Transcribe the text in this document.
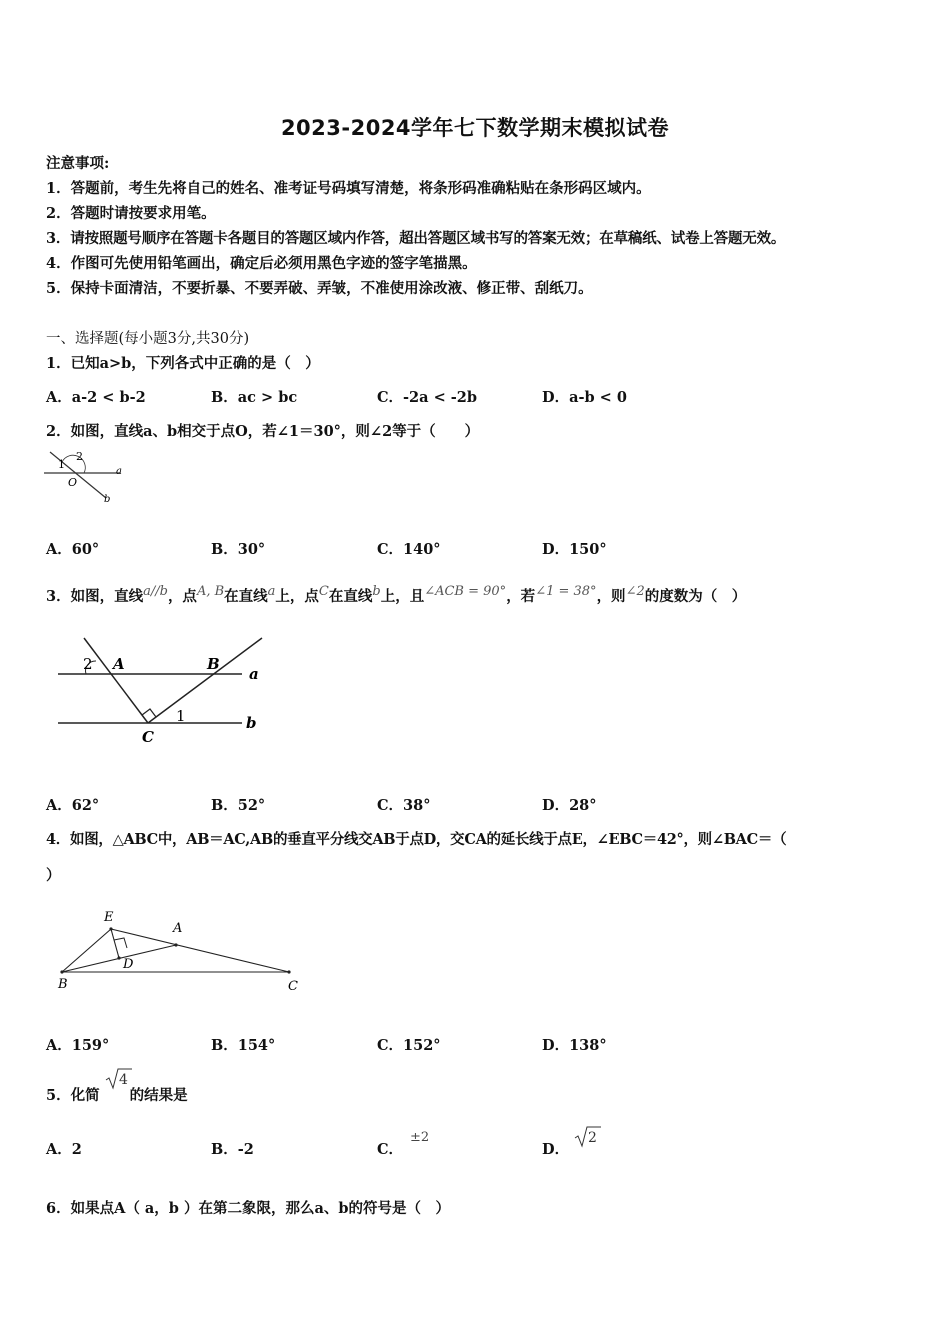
2023-2024学年七下数学期末模拟试卷
注意事项:
1．答题前，考生先将自己的姓名、准考证号码填写清楚，将条形码准确粘贴在条形码区域内。
2．答题时请按要求用笔。
3．请按照题号顺序在答题卡各题目的答题区域内作答，超出答题区域书写的答案无效；在草稿纸、试卷上答题无效。
4．作图可先使用铅笔画出，确定后必须用黑色字迹的签字笔描黑。
5．保持卡面清洁，不要折暴、不要弄破、弄皱，不准使用涂改液、修正带、刮纸刀。
一、选择题(每小题3分,共30分)
1．已知a>b，下列各式中正确的是（　）
A．a-2 < b-2	B．ac > bc	C．-2a < -2b	D．a-b < 0
2．如图，直线a、b相交于点O，若∠1＝30°，则∠2等于（　　）
1
2
O
a
b
A．60°	B．30°	C．140°	D．150°
3．如图，直线a//b，点A, B在直线a上，点C在直线b上，且∠ACB = 90°，若∠1 = 38°，则∠2的度数为（　）
2 A	B
C
1
a
b
A．62°	B．52°	C．38°	D．28°
4．如图，△ABC中，AB＝AC,AB的垂直平分线交AB于点D，交CA的延长线于点E，∠EBC＝42°，则∠BAC＝（
）
E
A
D
B	C
A．159°	B．154°	C．152°	D．138°
5．化简 的结果是
4
A．2	B．-2	C．
±2
D．
2
6．如果点A（ a，b ）在第二象限，那么a、b的符号是（　）
